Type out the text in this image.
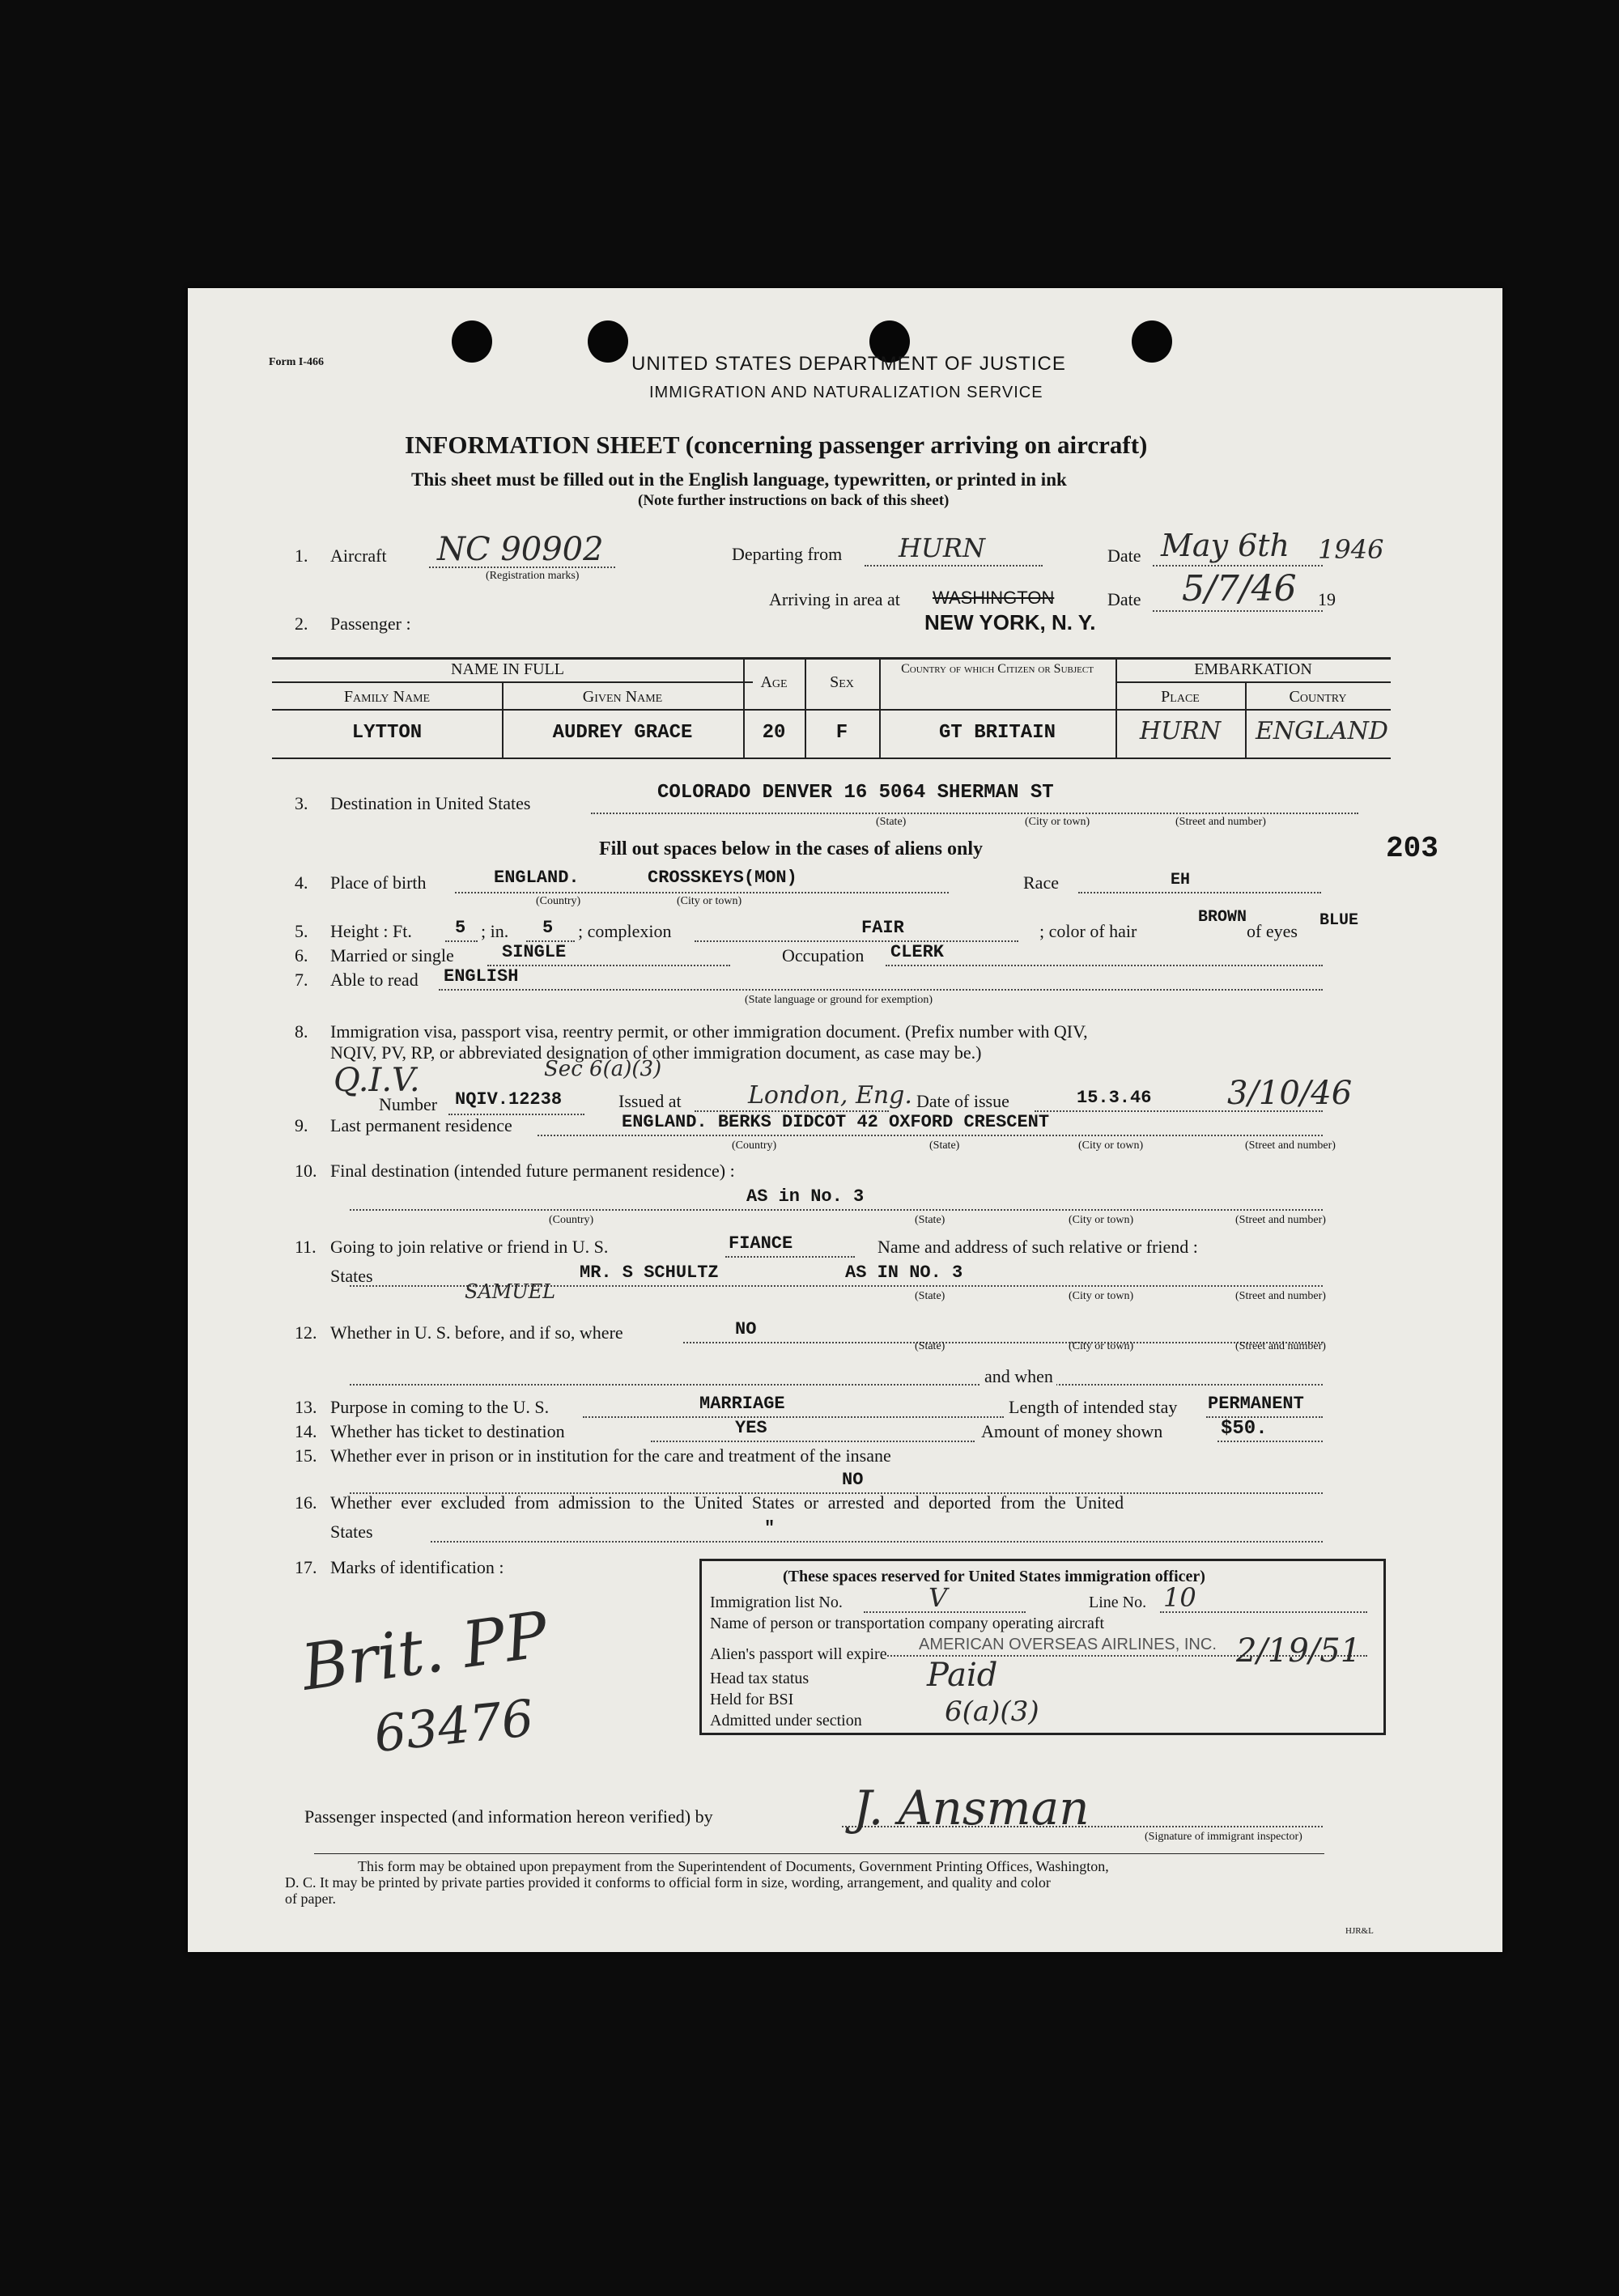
Form I-466	UNITED STATES DEPARTMENT OF JUSTICE
IMMIGRATION AND NATURALIZATION SERVICE
INFORMATION SHEET (concerning passenger arriving on aircraft)
This sheet must be filled out in the English language, typewritten, or printed in ink
(Note further instructions on back of this sheet)
1. Aircraft NC 90902
(Registration marks)
Departing from HURN	Date May 6th 1946
Arriving in area at WASHINGTON
NEW YORK, N. Y.
Date 5/7/46 19
2. Passenger :
NAME IN FULL
Family Name	Given Name
Age	Sex
Country of which Citizen or Subject	EMBARKATION
Place	Country
LYTTON	AUDREY GRACE	20	F	GT BRITAIN	HURN	ENGLAND
3. Destination in United States	COLORADO DENVER 16 5064 SHERMAN ST
(State)	(City or town)	(Street and number)
Fill out spaces below in the cases of aliens only	203
4. Place of birth	ENGLAND.	CROSSKEYS(MON)
(Country)	(City or town)
Race	EH
5. Height : Ft. 5 ; in. 5 ; complexion	FAIR	; color of hair
BROWN
of eyes
BLUE
6. Married or single	SINGLE	Occupation CLERK
7. Able to read ENGLISH
(State language or ground for exemption)
8. Immigration visa, passport visa, reentry permit, or other immigration document. (Prefix number with QIV,
NQIV, PV, RP, or abbreviated designation of other immigration document, as case may be.)
Q.I.V.	Sec 6(a)(3)
Number NQIV.12238	Issued at	London, Eng. Date of issue	15.3.46 3/10/46
9. Last permanent residence	ENGLAND. BERKS DIDCOT 42 OXFORD CRESCENT
(Country)	(State)	(City or town)	(Street and number)
10. Final destination (intended future permanent residence) :
AS in No. 3
(Country)	(State)	(City or town)	(Street and number)
11. Going to join relative or friend in U. S.	FIANCE	Name and address of such relative or friend :
States	MR. S SCHULTZ
SAMUEL
AS IN NO. 3
(State)	(City or town)	(Street and number)
12. Whether in U. S. before, and if so, where	NO
(State)	(City or town)	(Street and number)
and when
13. Purpose in coming to the U. S.	MARRIAGE	Length of intended stay PERMANENT
14. Whether has ticket to destination	YES	Amount of money shown	$50.
15. Whether ever in prison or in institution for the care and treatment of the insane
NO
16. Whether ever excluded from admission to the United States or arrested and deported from the United
States	"
17. Marks of identification :
Brit. PP
63476
(These spaces reserved for United States immigration officer)
Immigration list No.	V	Line No. 10
Name of person or transportation company operating aircraft
Alien's passport will expire
AMERICAN OVERSEAS AIRLINES, INC. 2/19/51
Head tax status	Paid
Held for BSI
Admitted under section	6(a)(3)
Passenger inspected (and information hereon verified) by	J. Ansman
(Signature of immigrant inspector)
This form may be obtained upon prepayment from the Superintendent of Documents, Government Printing Offices, Washington,
D. C. It may be printed by private parties provided it conforms to official form in size, wording, arrangement, and quality and color
of paper.
HJR&L
